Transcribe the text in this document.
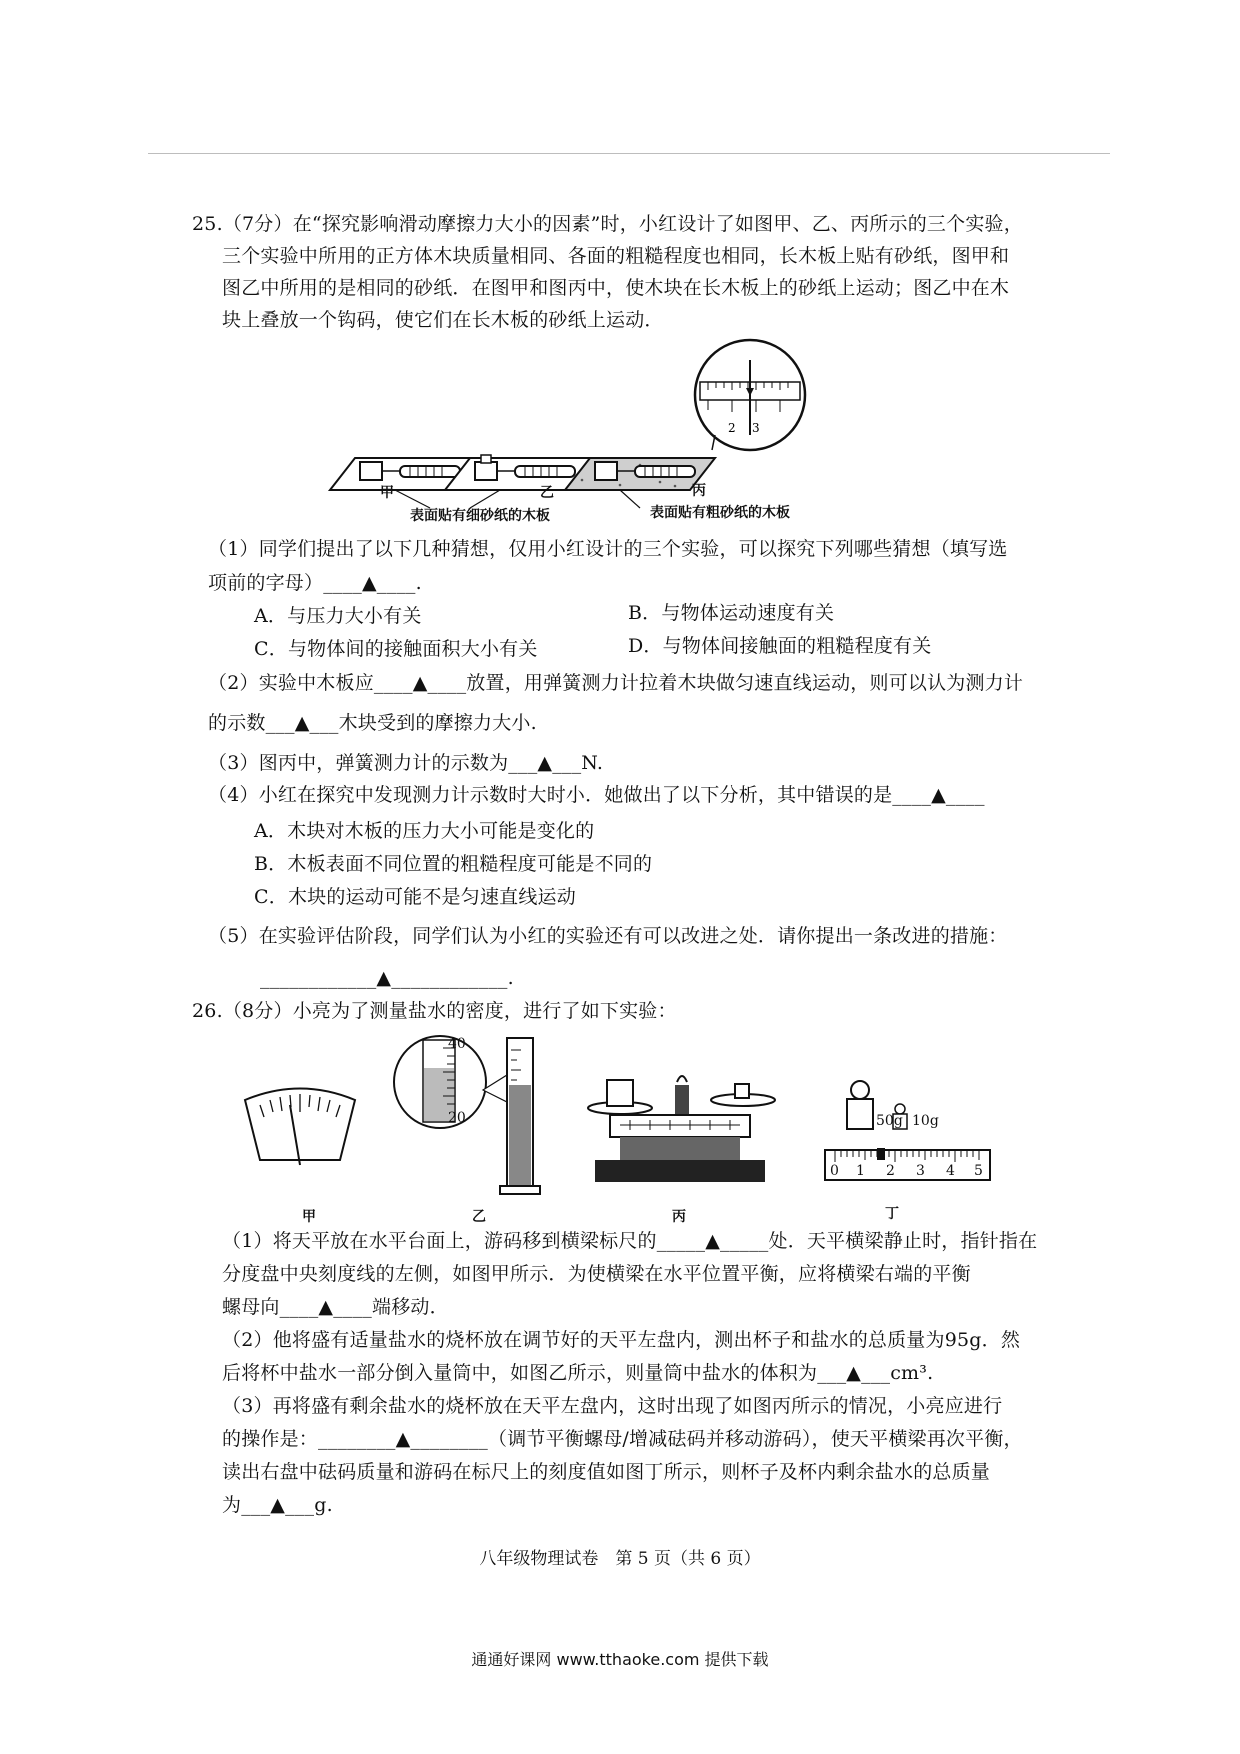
25.（7分）在“探究影响滑动摩擦力大小的因素”时，小红设计了如图甲、乙、丙所示的三个实验，
三个实验中所用的正方体木块质量相同、各面的粗糙程度也相同，长木板上贴有砂纸，图甲和
图乙中所用的是相同的砂纸．在图甲和图丙中，使木块在长木板上的砂纸上运动；图乙中在木
块上叠放一个钩码，使它们在长木板的砂纸上运动．
2 3
甲	乙	丙
表面贴有细砂纸的木板	表面贴有粗砂纸的木板
（1）同学们提出了以下几种猜想，仅用小红设计的三个实验，可以探究下列哪些猜想（填写选
项前的字母）____▲____.
A．与压力大小有关	B．与物体运动速度有关
C．与物体间的接触面积大小有关	D．与物体间接触面的粗糙程度有关
（2）实验中木板应____▲____放置，用弹簧测力计拉着木块做匀速直线运动，则可以认为测力计
的示数___▲___木块受到的摩擦力大小.
（3）图丙中，弹簧测力计的示数为___▲___N.
（4）小红在探究中发现测力计示数时大时小．她做出了以下分析，其中错误的是____▲____
A．木块对木板的压力大小可能是变化的
B．木板表面不同位置的粗糙程度可能是不同的
C．木块的运动可能不是匀速直线运动
（5）在实验评估阶段，同学们认为小红的实验还有可以改进之处．请你提出一条改进的措施：
____________▲____________.
26.（8分）小亮为了测量盐水的密度，进行了如下实验：
40
20	50g 10g
0 1 2 3 4 5
甲	乙	丙	丁
（1）将天平放在水平台面上，游码移到横梁标尺的_____▲_____处．天平横梁静止时，指针指在
分度盘中央刻度线的左侧，如图甲所示．为使横梁在水平位置平衡，应将横梁右端的平衡
螺母向____▲____端移动．
（2）他将盛有适量盐水的烧杯放在调节好的天平左盘内，测出杯子和盐水的总质量为95g．然
后将杯中盐水一部分倒入量筒中，如图乙所示，则量筒中盐水的体积为___▲___cm³.
（3）再将盛有剩余盐水的烧杯放在天平左盘内，这时出现了如图丙所示的情况，小亮应进行
的操作是：________▲________（调节平衡螺母/增减砝码并移动游码），使天平横梁再次平衡，
读出右盘中砝码质量和游码在标尺上的刻度值如图丁所示，则杯子及杯内剩余盐水的总质量
为___▲___g.
八年级物理试卷　第 5 页（共 6 页）
通通好课网 www.tthaoke.com 提供下载
